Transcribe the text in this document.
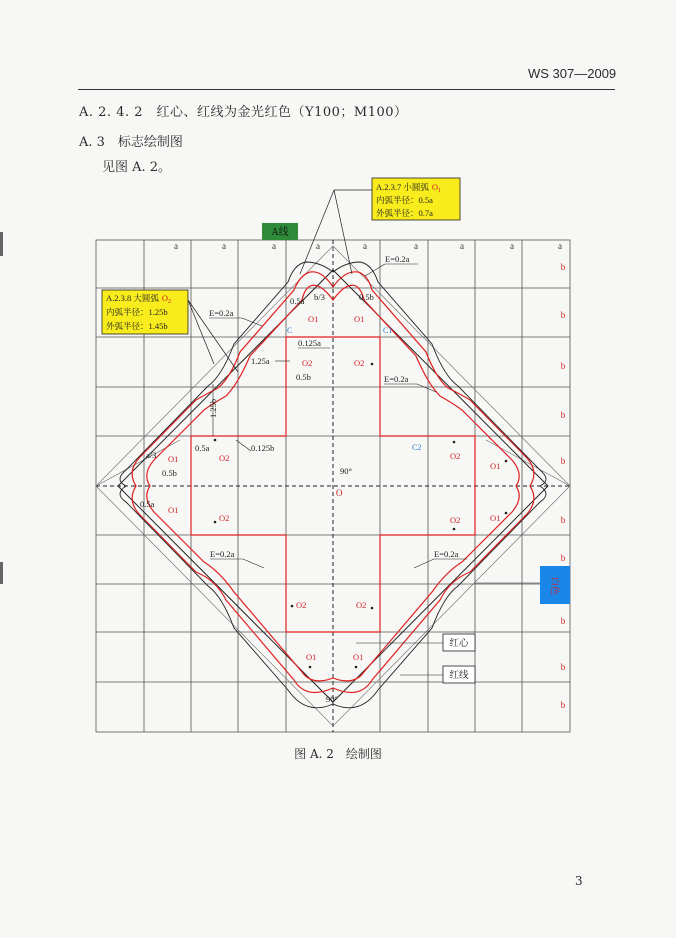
WS 307—2009
A. 2. 4. 2　红心、红线为金光红色（Y100；M100）
A. 3　标志绘制图
见图 A. 2。
a	a	a	a	a	a	a	a	a
b
b
b
b
b
b
b
b
b
b
A线
A.2.3.7 小圆弧 $O_1$
内弧半径：0.5a
外弧半径：0.7a
A.2.3.8 大圆弧 $O_2$
内弧半径：1.25b
外弧半径：1.45b
E=0.2a
E=0.2a
E=0.2a
E=0.2a	E=0.2a
0.5a b/3	0.5b
0.125a
1.25a
0.5b
1.25b
0.5a	0.125b
a/3
0.5b
0.5a
90°
90°
O
C	C1
C2
O1	O1
O2	O2
O2	O2
O1
O1
O1
O1
O2	O2
O2	O2
O1	O1
红心
红线
白色
图 A. 2　绘制图
3
